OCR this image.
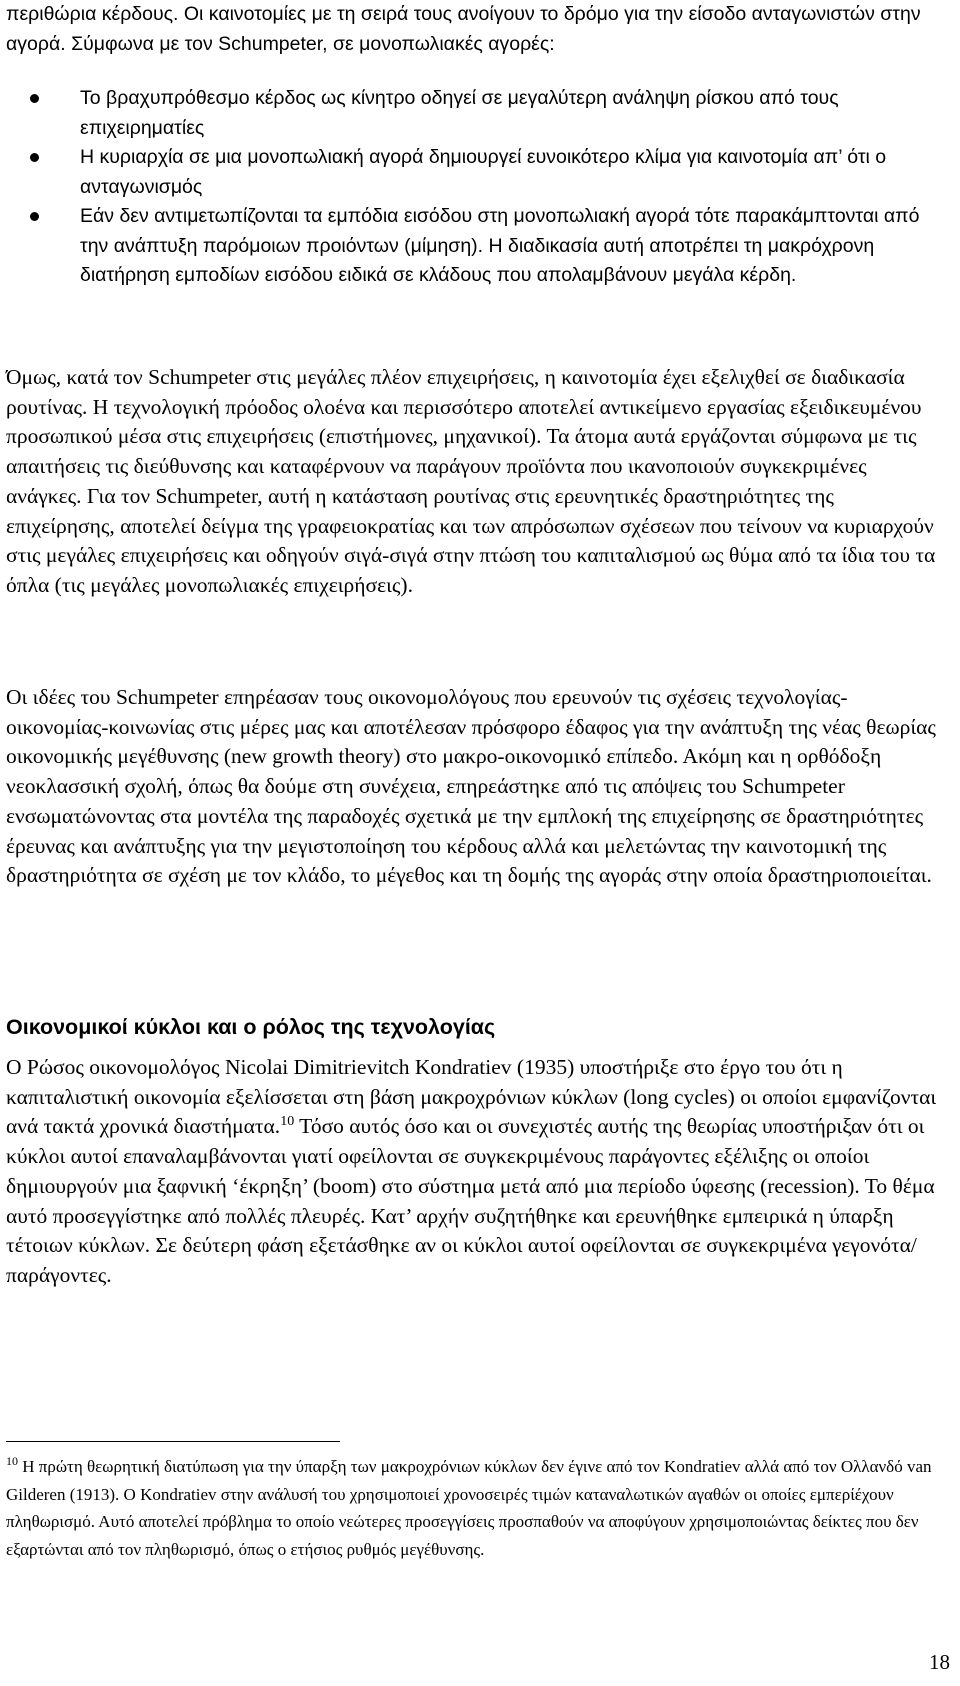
περιθώρια κέρδους. Οι καινοτομίες με τη σειρά τους ανοίγουν το δρόμο για την είσοδο ανταγωνιστών στην αγορά. Σύμφωνα με τον Schumpeter, σε μονοπωλιακές αγορές:

Το βραχυπρόθεσμο κέρδος ως κίνητρο οδηγεί σε μεγαλύτερη ανάληψη ρίσκου από τους επιχειρηματίες
Η κυριαρχία σε μια μονοπωλιακή αγορά δημιουργεί ευνοικότερο κλίμα για καινοτομία απ’ ότι ο ανταγωνισμός
Εάν δεν αντιμετωπίζονται τα εμπόδια εισόδου στη μονοπωλιακή αγορά τότε παρακάμπτονται από την ανάπτυξη παρόμοιων προιόντων (μίμηση). Η διαδικασία αυτή αποτρέπει τη μακρόχρονη διατήρηση εμποδίων εισόδου ειδικά σε κλάδους που απολαμβάνουν μεγάλα κέρδη.

Όμως, κατά τον Schumpeter στις μεγάλες πλέον επιχειρήσεις, η καινοτομία έχει εξελιχθεί σε διαδικασία ρουτίνας. Η τεχνολογική πρόοδος ολοένα και περισσότερο αποτελεί αντικείμενο εργασίας εξειδικευμένου προσωπικού μέσα στις επιχειρήσεις (επιστήμονες, μηχανικοί). Τα άτομα αυτά εργάζονται σύμφωνα με τις απαιτήσεις τις διεύθυνσης και καταφέρνουν να παράγουν προϊόντα που ικανοποιούν συγκεκριμένες ανάγκες. Για τον Schumpeter, αυτή η κατάσταση ρουτίνας στις ερευνητικές δραστηριότητες της επιχείρησης, αποτελεί δείγμα της γραφειοκρατίας και των απρόσωπων σχέσεων που τείνουν να κυριαρχούν στις μεγάλες επιχειρήσεις και οδηγούν σιγά-σιγά στην πτώση του καπιταλισμού ως θύμα από τα ίδια του τα όπλα (τις μεγάλες μονοπωλιακές επιχειρήσεις).

Οι ιδέες του Schumpeter επηρέασαν τους οικονομολόγους που ερευνούν τις σχέσεις τεχνολογίας-οικονομίας-κοινωνίας στις μέρες μας και αποτέλεσαν πρόσφορο έδαφος για την ανάπτυξη της νέας θεωρίας οικονομικής μεγέθυνσης (new growth theory) στο μακρο-οικονομικό επίπεδο. Ακόμη και η ορθόδοξη νεοκλασσική σχολή, όπως θα δούμε στη συνέχεια, επηρεάστηκε από τις απόψεις του Schumpeter ενσωματώνοντας στα μοντέλα της παραδοχές σχετικά με την εμπλοκή της επιχείρησης σε δραστηριότητες έρευνας και ανάπτυξης για την μεγιστοποίηση του κέρδους αλλά και μελετώντας την καινοτομική της δραστηριότητα σε σχέση με τον κλάδο, το μέγεθος και τη δομής της αγοράς στην οποία δραστηριοποιείται.

Οικονομικοί κύκλοι και ο ρόλος της τεχνολογίας

Ο Ρώσος οικονομολόγος Nicolai Dimitrievitch Kondratiev (1935) υποστήριξε στο έργο του ότι η καπιταλιστική οικονομία εξελίσσεται στη βάση μακροχρόνιων κύκλων (long cycles) οι οποίοι εμφανίζονται ανά τακτά χρονικά διαστήματα.$^{10}$ Τόσο αυτός όσο και οι συνεχιστές αυτής της θεωρίας υποστήριξαν ότι οι κύκλοι αυτοί επαναλαμβάνονται γιατί οφείλονται σε συγκεκριμένους παράγοντες εξέλιξης οι οποίοι δημιουργούν μια ξαφνική ‘έκρηξη’ (boom) στο σύστημα μετά από μια περίοδο ύφεσης (recession). Το θέμα αυτό προσεγγίστηκε από πολλές πλευρές. Κατ’ αρχήν συζητήθηκε και ερευνήθηκε εμπειρικά η ύπαρξη τέτοιων κύκλων. Σε δεύτερη φάση εξετάσθηκε αν οι κύκλοι αυτοί οφείλονται σε συγκεκριμένα γεγονότα/παράγοντες.

$^{10}$ Η πρώτη θεωρητική διατύπωση για την ύπαρξη των μακροχρόνιων κύκλων δεν έγινε από τον Kondratiev αλλά από τον Ολλανδό van Gilderen (1913). Ο Kondratiev στην ανάλυσή του χρησιμοποιεί χρονοσειρές τιμών καταναλωτικών αγαθών οι οποίες εμπερίέχουν πληθωρισμό. Αυτό αποτελεί πρόβλημα το οποίο νεώτερες προσεγγίσεις προσπαθούν να αποφύγουν χρησιμοποιώντας δείκτες που δεν εξαρτώνται από τον πληθωρισμό, όπως ο ετήσιος ρυθμός μεγέθυνσης.

18
